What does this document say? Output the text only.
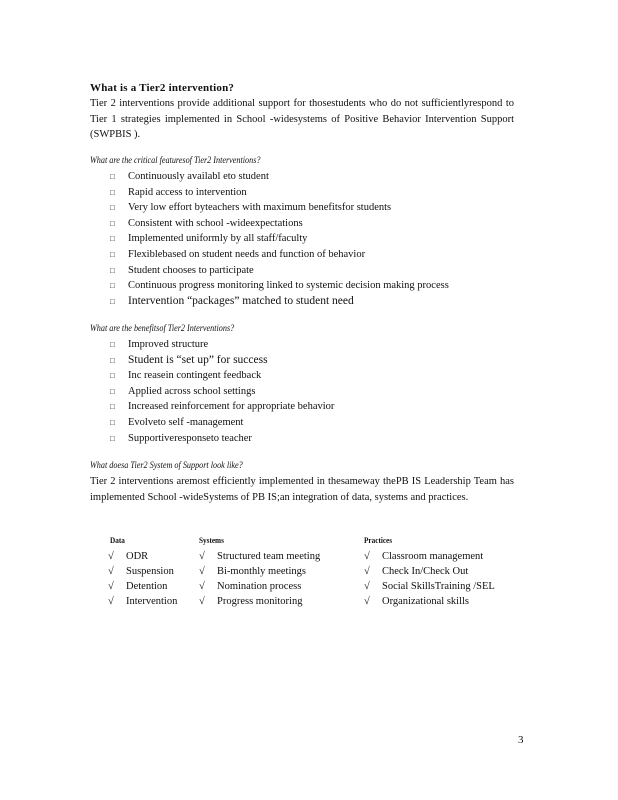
What is a Tier2 intervention?
Tier 2 interventions provide additional support for thosestudents who do not sufficientlyrespond to Tier 1 strategies implemented in School -widesystems of Positive Behavior Intervention Support (SWPBIS ).
What are the critical featuresof Tier2 Interventions?
□ Continuously availabl eto student
□ Rapid access to intervention
□ Very low effort byteachers with maximum benefitsfor students
□ Consistent with school -wideexpectations
□ Implemented uniformly by all staff/faculty
□ Flexiblebased on student needs and function of behavior
□ Student chooses to participate
□ Continuous progress monitoring linked to systemic decision making process
□ Intervention “packages” matched to student need
What are the benefitsof Tier2 Interventions?
□ Improved structure
□ Student is “set up” for success
□ Inc reasein contingent feedback
□ Applied across school settings
□ Increased reinforcement for appropriate behavior
□ Evolveto self -management
□ Supportiveresponseto teacher
What doesa Tier2 System of Support look like?
Tier 2 interventions aremost efficiently implemented in thesameway thePB IS Leadership Team has implemented School -wideSystems of PB IS;an integration of data, systems and practices.
Data	Systems	Practices
√ ODR
√ Suspension
√ Detention
√ Intervention
√ Structured team meeting
√ Bi-monthly meetings
√ Nomination process
√ Progress monitoring
√ Classroom management
√ Check In/Check Out
√ Social SkillsTraining /SEL
√ Organizational skills
3
